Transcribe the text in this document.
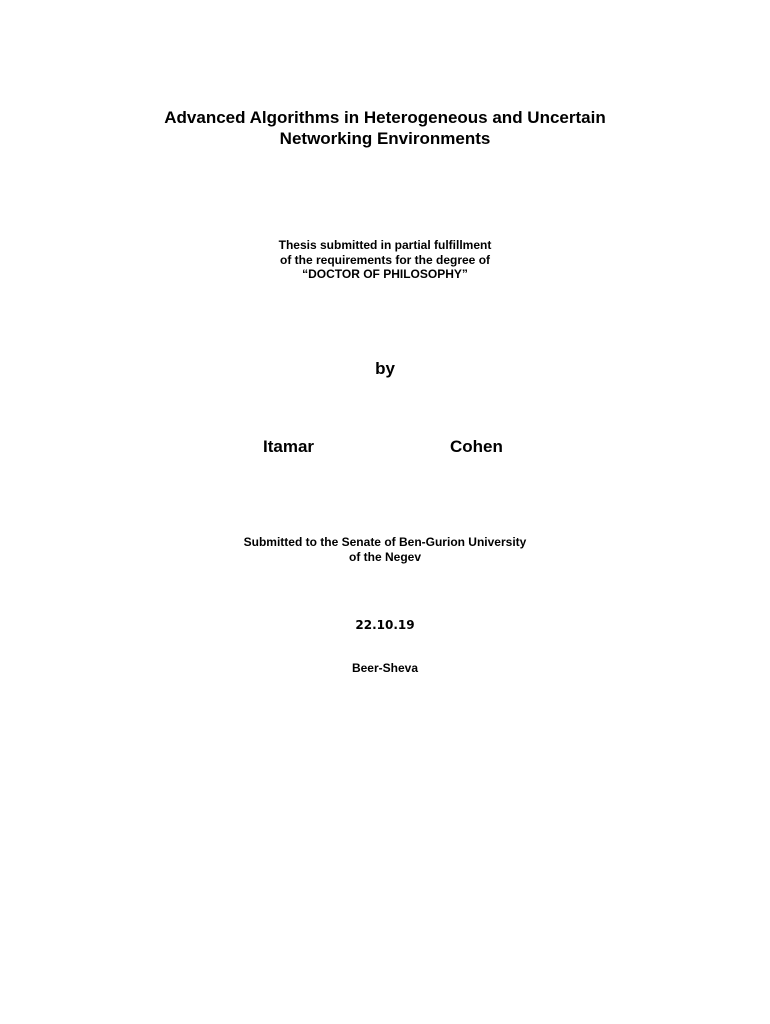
Advanced Algorithms in Heterogeneous and Uncertain
Networking Environments
Thesis submitted in partial fulfillment
of the requirements for the degree of
“DOCTOR OF PHILOSOPHY”
by
Itamar	Cohen
Submitted to the Senate of Ben-Gurion University
of the Negev
22.10.19
Beer-Sheva
